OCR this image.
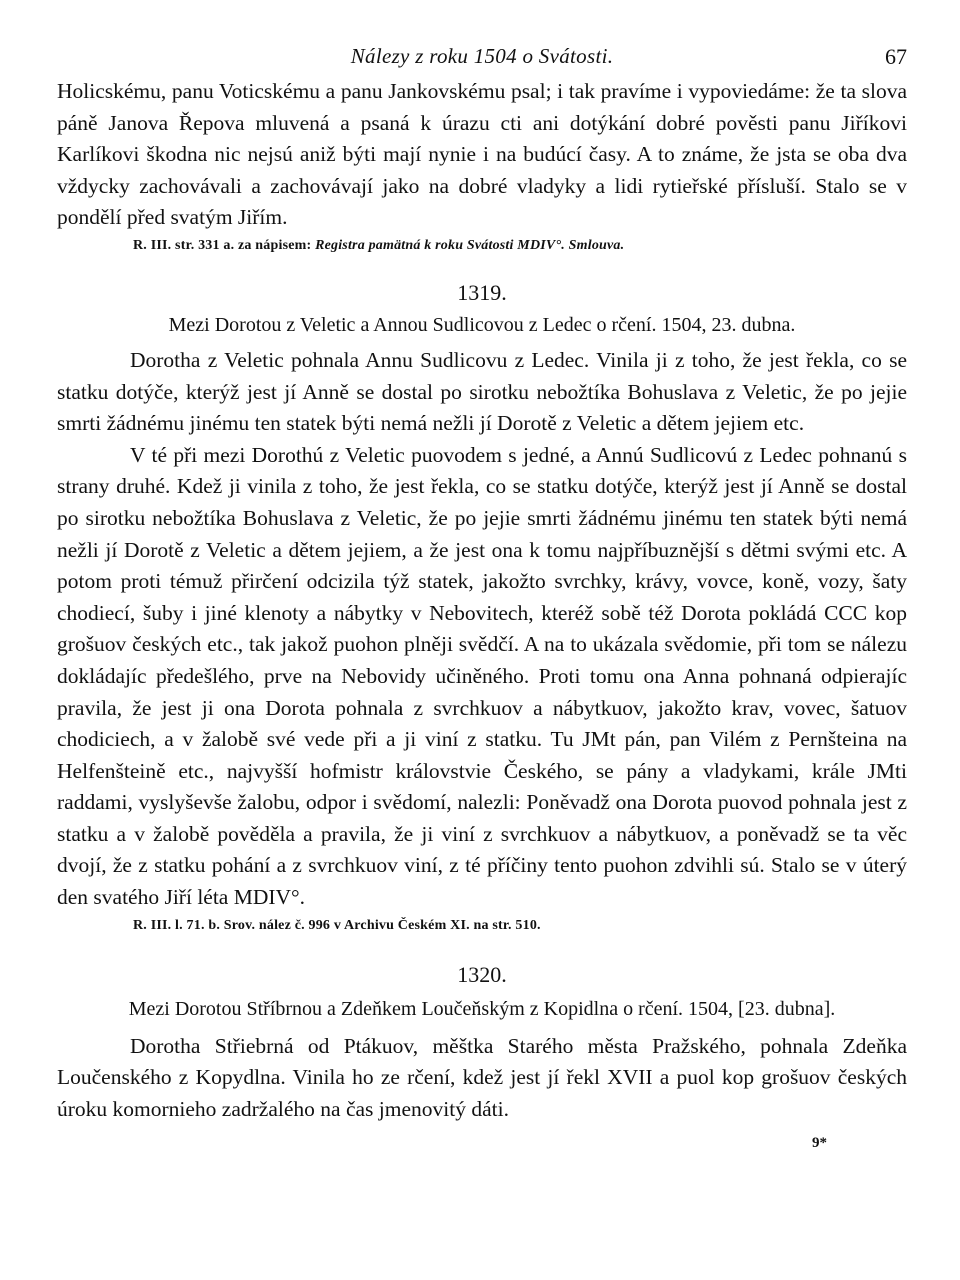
Nálezy z roku 1504 o Svátosti.	67

Holicskému, panu Voticskému a panu Jankovskému psal; i tak pravíme i vypoviedáme: že ta slova páně Janova Řepova mluvená a psaná k úrazu cti ani dotýkání dobré pověsti panu Jiříkovi Karlíkovi škodna nic nejsú aniž býti mají nynie i na budúcí časy. A to známe, že jsta se oba dva vždycky zachovávali a zachovávají jako na dobré vladyky a lidi rytieřské přísluší. Stalo se v pondělí před svatým Jiřím.

R. III. str. 331 a. za nápisem: Registra pamätná k roku Svátosti MDIV°. Smlouva.
1319.
Mezi Dorotou z Veletic a Annou Sudlicovou z Ledec o rčení. 1504, 23. dubna.

Dorotha z Veletic pohnala Annu Sudlicovu z Ledec. Vinila ji z toho, že jest řekla, co se statku dotýče, kterýž jest jí Anně se dostal po sirotku nebožtíka Bohuslava z Veletic, že po jejie smrti žádnému jinému ten statek býti nemá nežli jí Dorotě z Veletic a dětem jejiem etc.

V té při mezi Dorothú z Veletic puovodem s jedné, a Annú Sudlicovú z Ledec pohnanú s strany druhé. Kdež ji vinila z toho, že jest řekla, co se statku dotýče, kterýž jest jí Anně se dostal po sirotku nebožtíka Bohuslava z Veletic, že po jejie smrti žádnému jinému ten statek býti nemá nežli jí Dorotě z Veletic a dětem jejiem, a že jest ona k tomu najpříbuznější s dětmi svými etc. A potom proti témuž přirčení odcizila týž statek, jakožto svrchky, krávy, vovce, koně, vozy, šaty chodiecí, šuby i jiné klenoty a nábytky v Nebovitech, kteréž sobě též Dorota pokládá CCC kop grošuov českých etc., tak jakož puohon plněji svědčí. A na to ukázala svědomie, při tom se nálezu dokládajíc předešlého, prve na Nebovidy učiněného. Proti tomu ona Anna pohnaná odpierajíc pravila, že jest ji ona Dorota pohnala z svrchkuov a nábytkuov, jakožto krav, vovec, šatuov chodiciech, a v žalobě své vede při a ji viní z statku. Tu JMt pán, pan Vilém z Pernšteina na Helfenšteině etc., najvyšší hofmistr královstvie Českého, se pány a vladykami, krále JMti raddami, vyslyševše žalobu, odpor i svědomí, nalezli: Poněvadž ona Dorota puovod pohnala jest z statku a v žalobě pověděla a pravila, že ji viní z svrchkuov a nábytkuov, a poněvadž se ta věc dvojí, že z statku pohání a z svrchkuov viní, z té příčiny tento puohon zdvihli sú. Stalo se v úterý den svatého Jiří léta MDIV°.

R. III. l. 71. b. Srov. nález č. 996 v Archivu Českém XI. na str. 510.
1320.
Mezi Dorotou Stříbrnou a Zdeňkem Loučeňským z Kopidlna o rčení. 1504, [23. dubna].

Dorotha Střiebrná od Ptákuov, měštka Starého města Pražského, pohnala Zdeňka Loučenského z Kopydlna. Vinila ho ze rčení, kdež jest jí řekl XVII a puol kop grošuov českých úroku komornieho zadržalého na čas jmenovitý dáti.

9*
